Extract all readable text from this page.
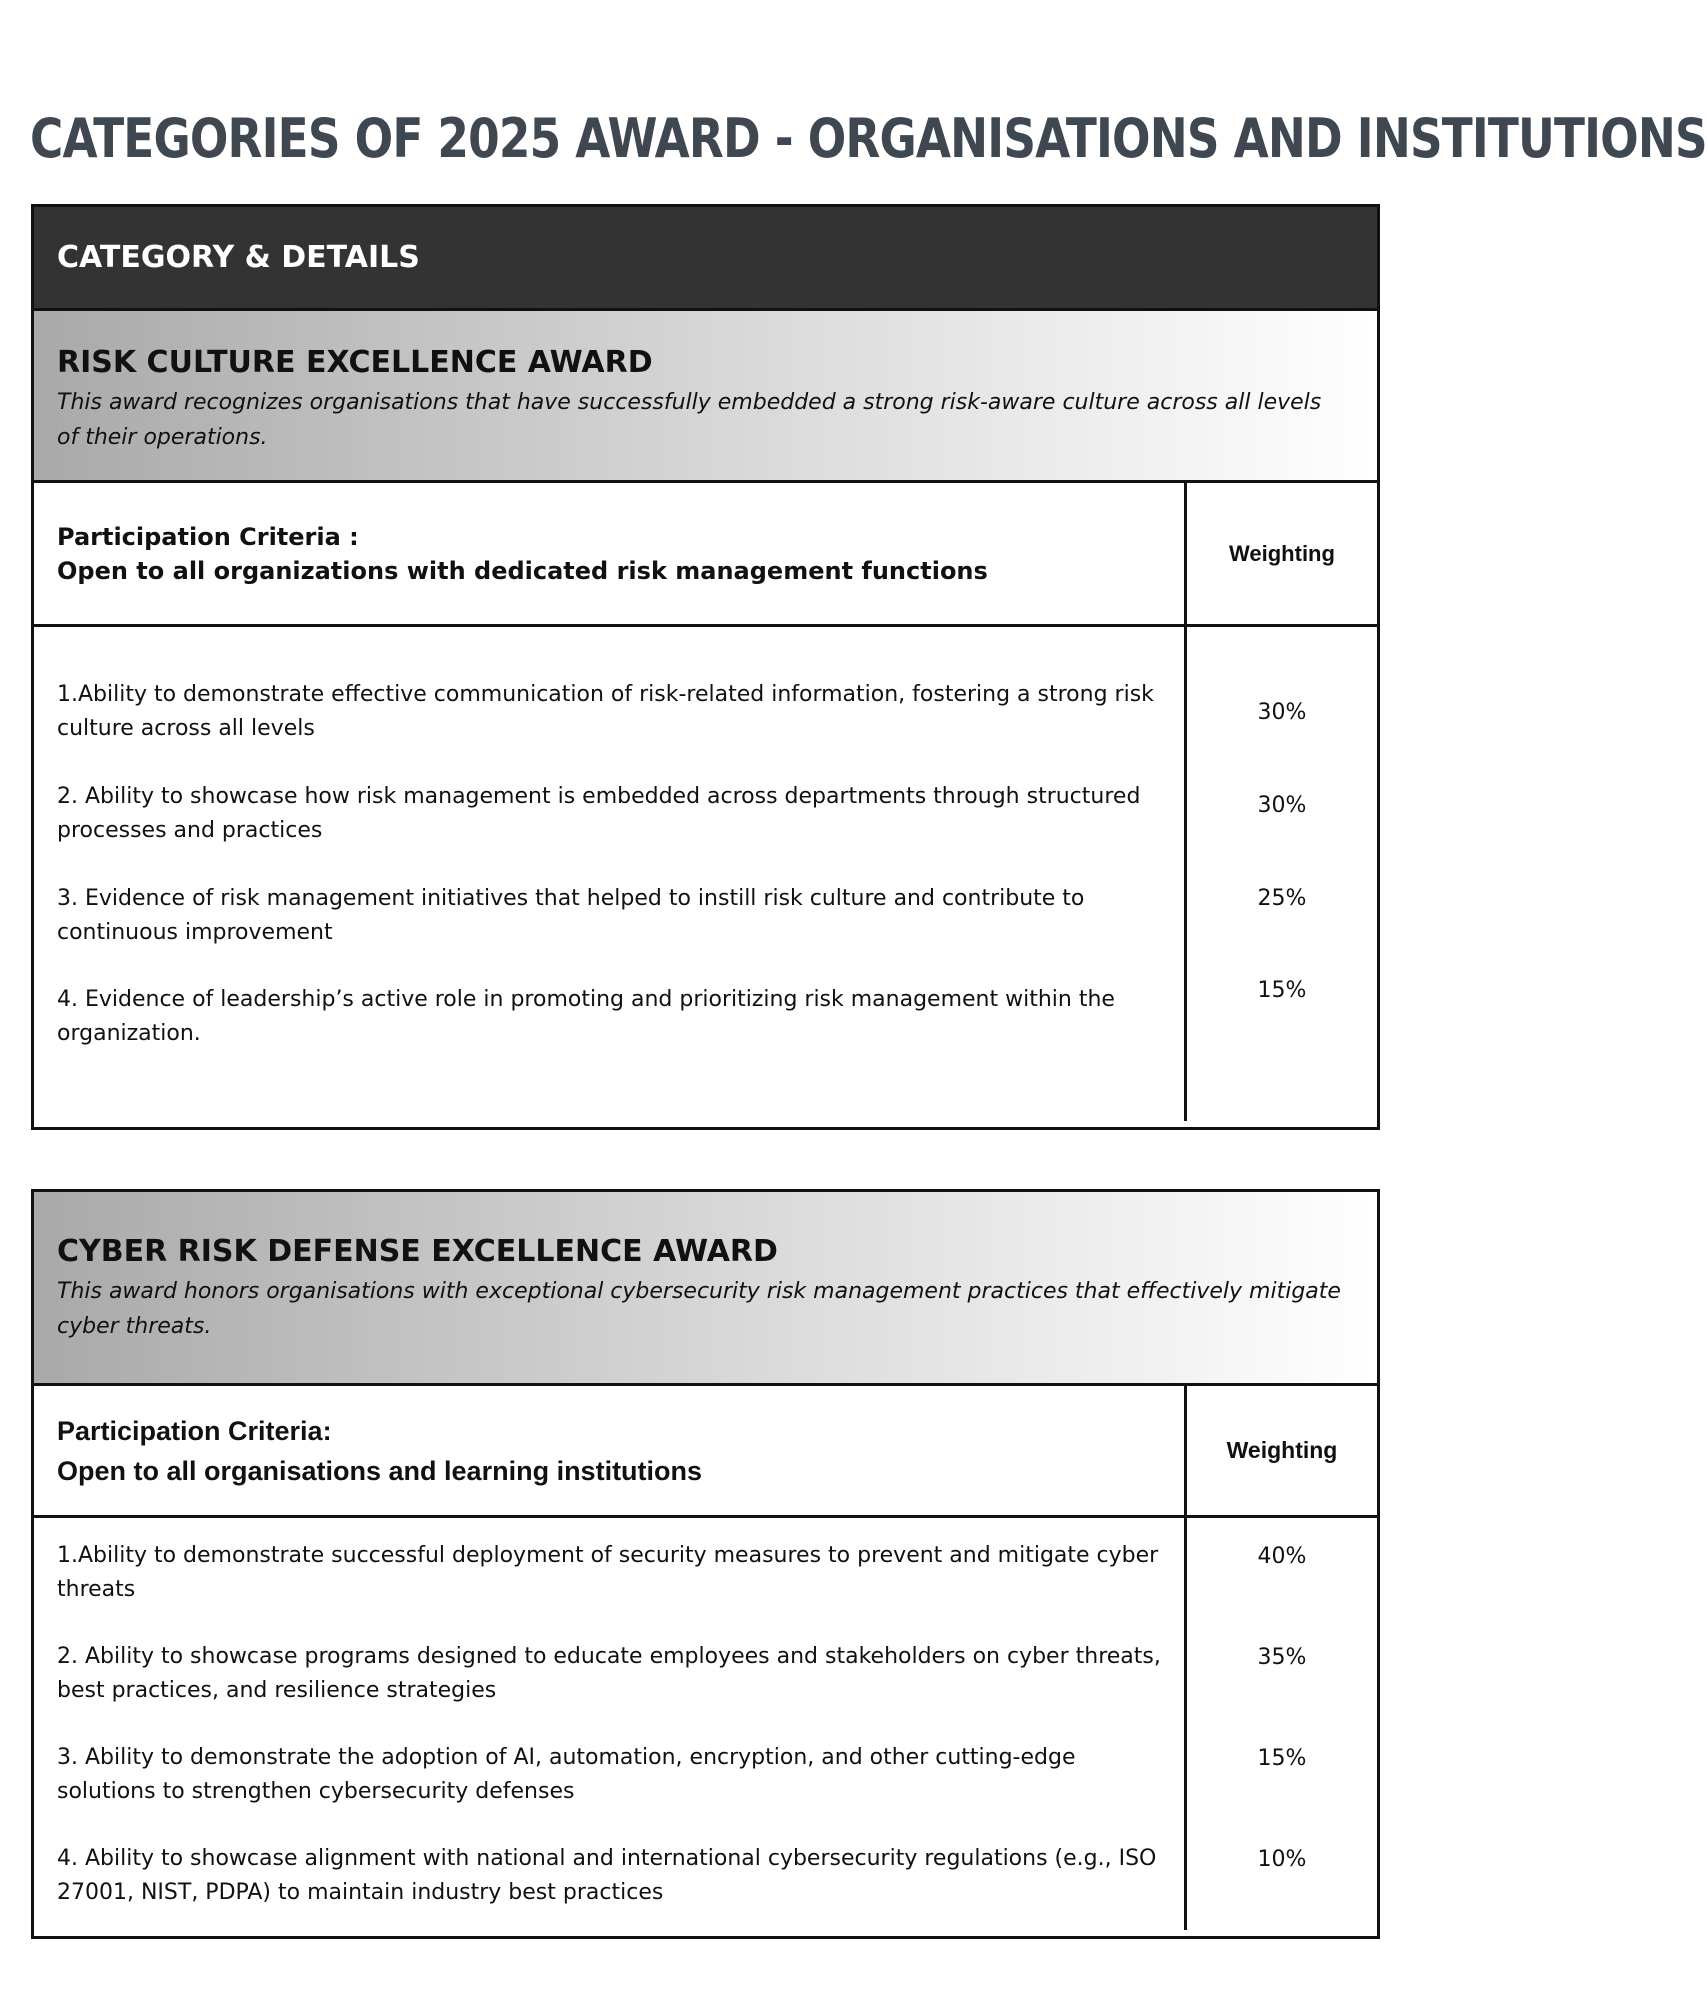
CATEGORIES OF 2025 AWARD - ORGANISATIONS AND INSTITUTIONS
CATEGORY & DETAILS

RISK CULTURE EXCELLENCE AWARD

This award recognizes organisations that have successfully embedded a strong risk-aware culture across all levels of their operations.

Participation Criteria :
Open to all organizations with dedicated risk management functions
Weighting
1.Ability to demonstrate effective communication of risk-related information, fostering a strong risk culture across all levels
2. Ability to showcase how risk management is embedded across departments through structured processes and practices
3. Evidence of risk management initiatives that helped to instill risk culture and contribute to continuous improvement
4. Evidence of leadership’s active role in promoting and prioritizing risk management within the organization.
30%
30%
25%
15%

CYBER RISK DEFENSE EXCELLENCE AWARD

This award honors organisations with exceptional cybersecurity risk management practices that effectively mitigate cyber threats.

Participation Criteria:
Open to all organisations and learning institutions
Weighting
1.Ability to demonstrate successful deployment of security measures to prevent and mitigate cyber threats
2. Ability to showcase programs designed to educate employees and stakeholders on cyber threats, best practices, and resilience strategies
3. Ability to demonstrate the adoption of AI, automation, encryption, and other cutting-edge solutions to strengthen cybersecurity defenses
4. Ability to showcase alignment with national and international cybersecurity regulations (e.g., ISO 27001, NIST, PDPA) to maintain industry best practices
40%
35%
15%
10%
